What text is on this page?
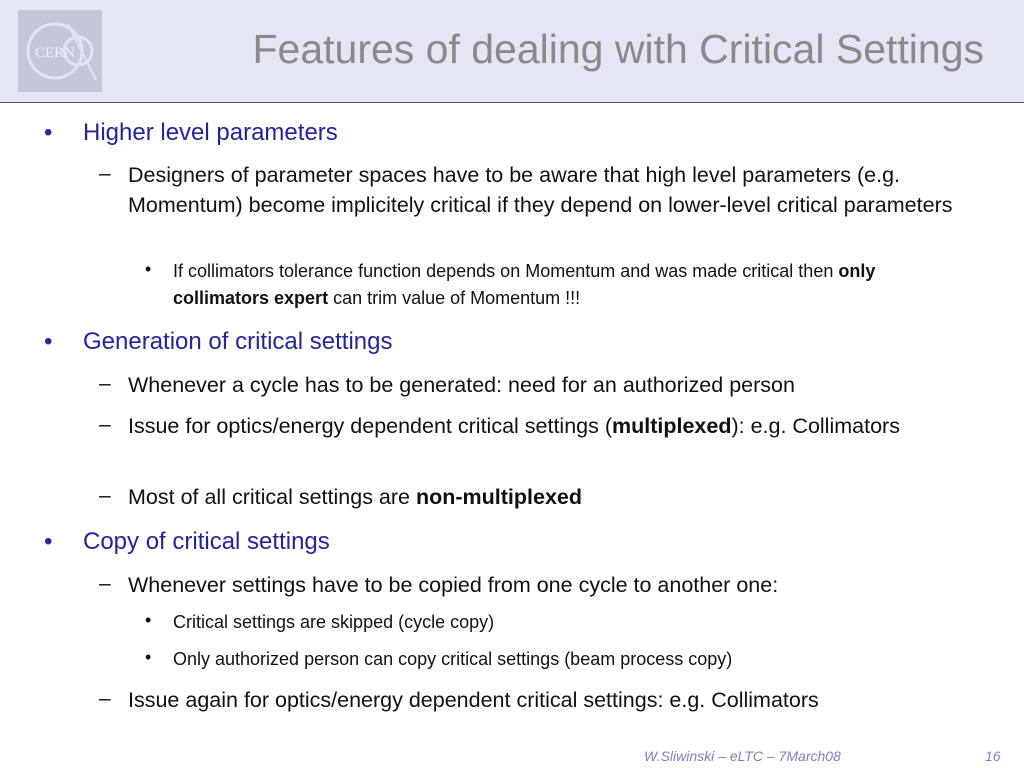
CERN	Features of dealing with Critical Settings
• Higher level parameters
– Designers of parameter spaces have to be aware that high level parameters (e.g. Momentum) become implicitely critical if they depend on lower-level critical parameters
• If collimators tolerance function depends on Momentum and was made critical then only collimators expert can trim value of Momentum !!!
• Generation of critical settings
– Whenever a cycle has to be generated: need for an authorized person
– Issue for optics/energy dependent critical settings (multiplexed): e.g. Collimators
– Most of all critical settings are non-multiplexed
• Copy of critical settings
– Whenever settings have to be copied from one cycle to another one:
• Critical settings are skipped (cycle copy)
• Only authorized person can copy critical settings (beam process copy)
– Issue again for optics/energy dependent critical settings: e.g. Collimators
W.Sliwinski – eLTC – 7March08	16
